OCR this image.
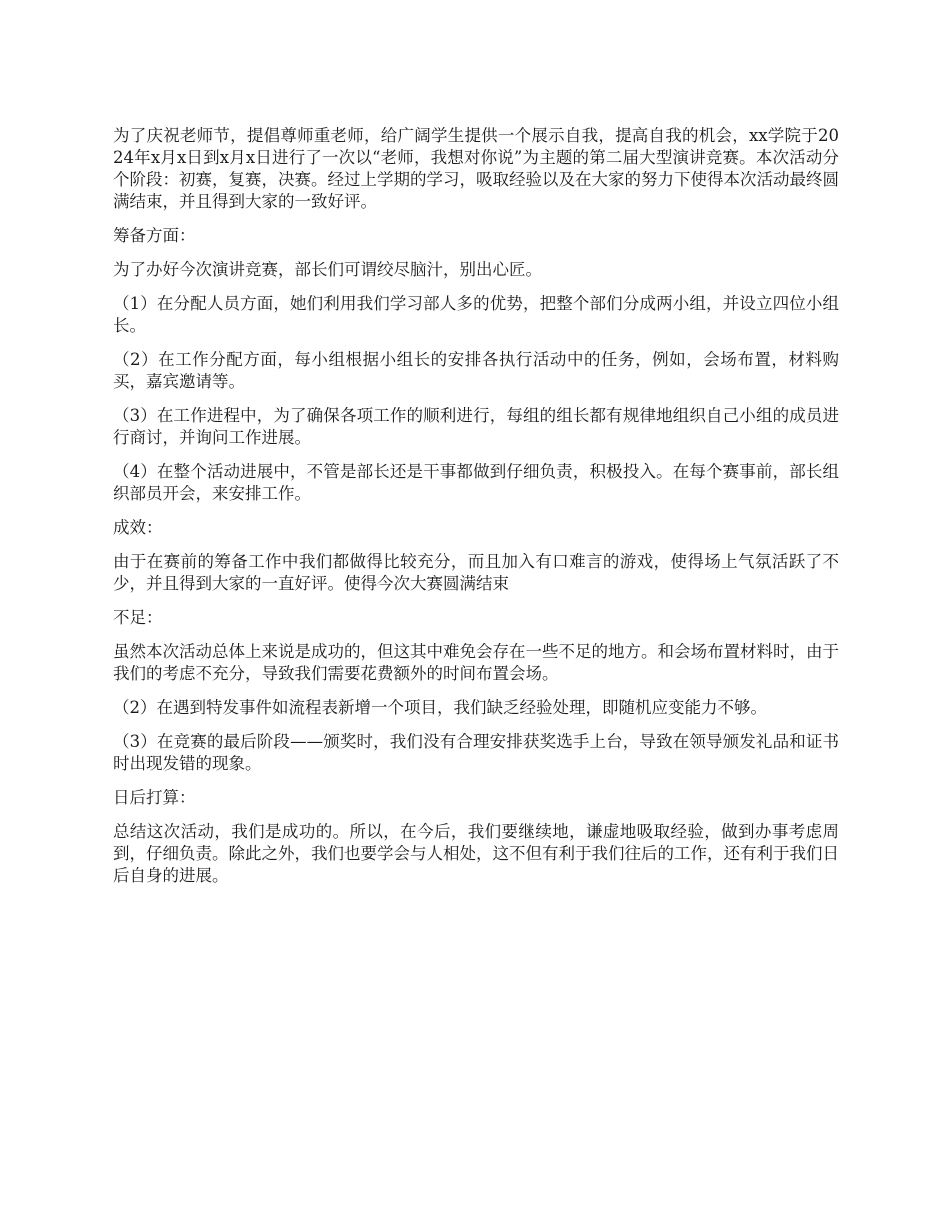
为了庆祝老师节，提倡尊师重老师，给广阔学生提供一个展示自我，提高自我的机会，xx学院于2024年x月x日到x月x日进行了一次以“老师，我想对你说”为主题的第二届大型演讲竞赛。本次活动分个阶段：初赛，复赛，决赛。经过上学期的学习，吸取经验以及在大家的努力下使得本次活动最终圆满结束，并且得到大家的一致好评。

筹备方面：

为了办好今次演讲竞赛，部长们可谓绞尽脑汁，别出心匠。

（1）在分配人员方面，她们利用我们学习部人多的优势，把整个部们分成两小组，并设立四位小组长。

（2）在工作分配方面，每小组根据小组长的安排各执行活动中的任务，例如，会场布置，材料购买，嘉宾邀请等。

（3）在工作进程中，为了确保各项工作的顺利进行，每组的组长都有规律地组织自己小组的成员进行商讨，并询问工作进展。

（4）在整个活动进展中，不管是部长还是干事都做到仔细负责，积极投入。在每个赛事前，部长组织部员开会，来安排工作。

成效：

由于在赛前的筹备工作中我们都做得比较充分，而且加入有口难言的游戏，使得场上气氛活跃了不少，并且得到大家的一直好评。使得今次大赛圆满结束

不足：

虽然本次活动总体上来说是成功的，但这其中难免会存在一些不足的地方。和会场布置材料时，由于我们的考虑不充分，导致我们需要花费额外的时间布置会场。

（2）在遇到特发事件如流程表新增一个项目，我们缺乏经验处理，即随机应变能力不够。

（3）在竞赛的最后阶段——颁奖时，我们没有合理安排获奖选手上台，导致在领导颁发礼品和证书时出现发错的现象。

日后打算：

总结这次活动，我们是成功的。所以，在今后，我们要继续地，谦虚地吸取经验，做到办事考虑周到，仔细负责。除此之外，我们也要学会与人相处，这不但有利于我们往后的工作，还有利于我们日后自身的进展。
